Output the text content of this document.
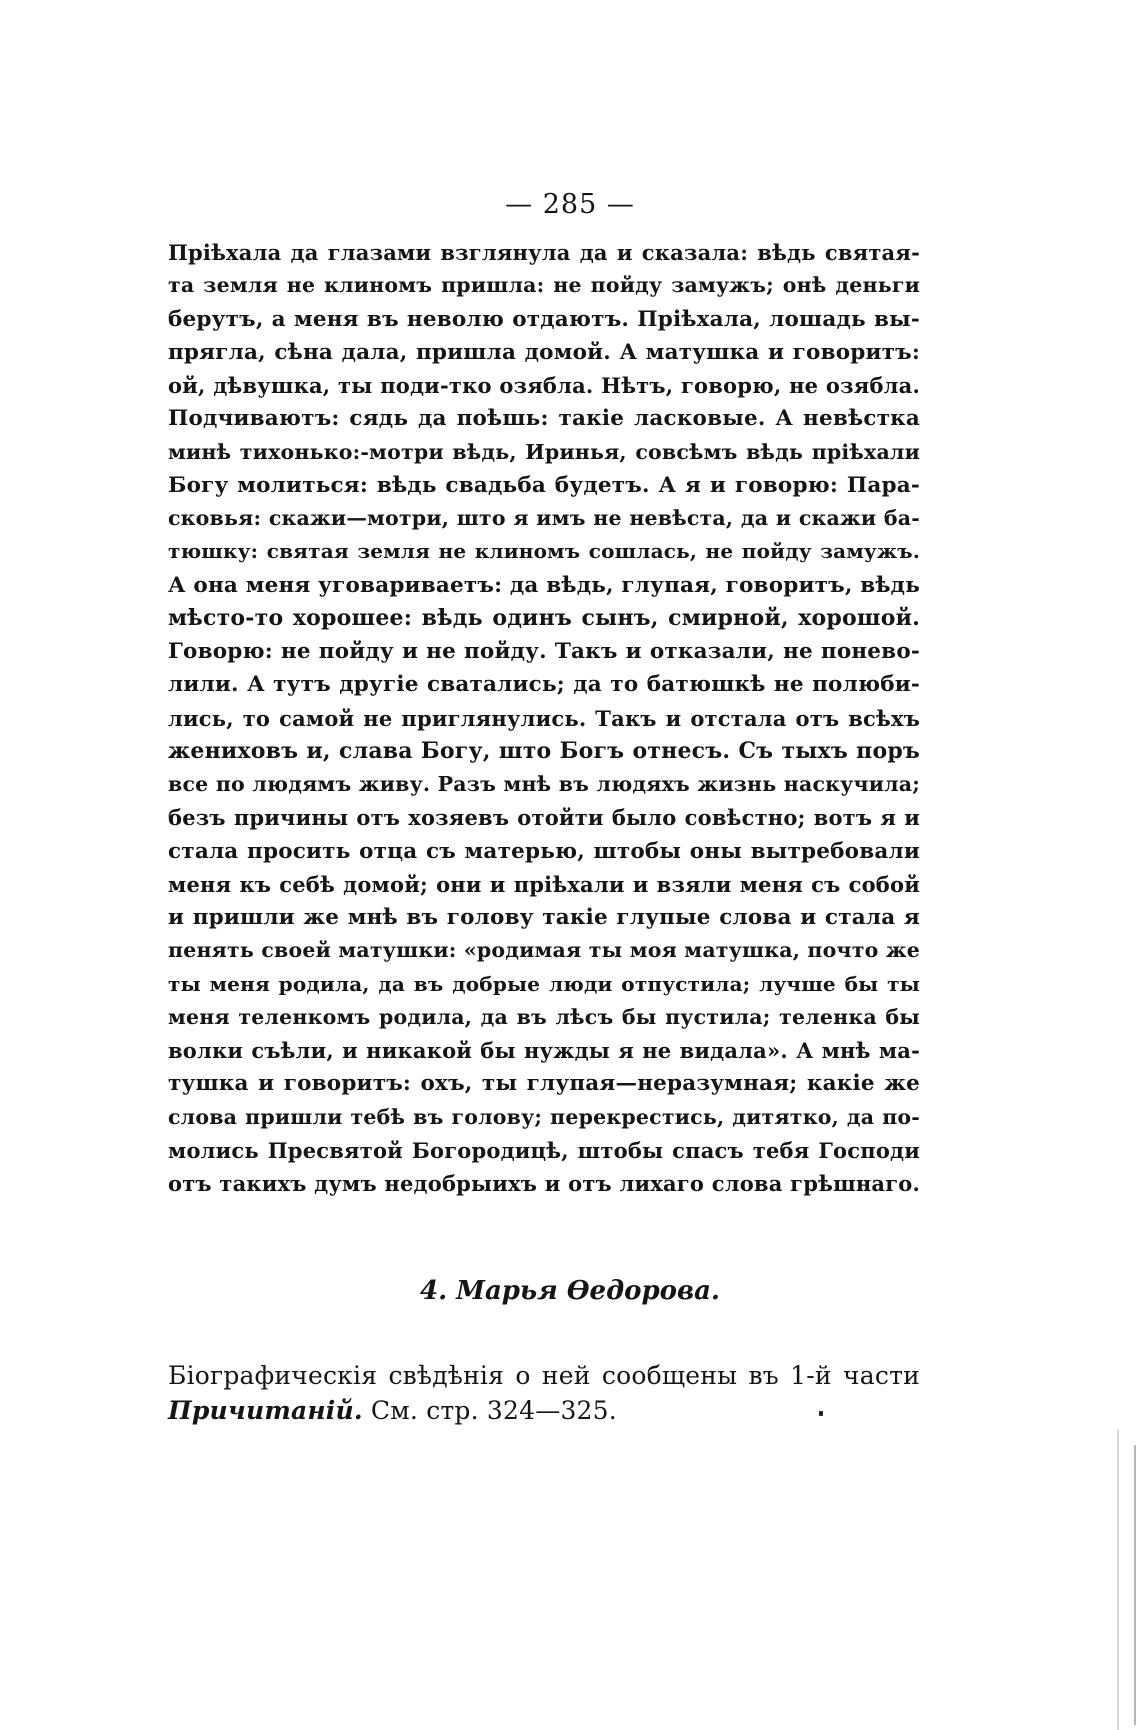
— 285 —
Пріѣхала да глазами взглянула да и сказала: вѣдь святая-
та земля не клиномъ пришла: не пойду замужъ; онѣ деньги
берутъ, а меня въ неволю отдаютъ. Пріѣхала, лошадь вы-
прягла, сѣна дала, пришла домой. А матушка и говоритъ:
ой, дѣвушка, ты поди-тко озябла. Нѣтъ, говорю, не озябла.
Подчиваютъ: сядь да поѣшь: такіе ласковые. А невѣстка
минѣ тихонько:-мотри вѣдь, Иринья, совсѣмъ вѣдь пріѣхали
Богу молиться: вѣдь свадьба будетъ. А я и говорю: Пара-
сковья: скажи—мотри, што я имъ не невѣста, да и скажи ба-
тюшку: святая земля не клиномъ сошлась, не пойду замужъ.
А она меня уговариваетъ: да вѣдь, глупая, говоритъ, вѣдь
мѣсто-то хорошее: вѣдь одинъ сынъ, смирной, хорошой.
Говорю: не пойду и не пойду. Такъ и отказали, не понево-
лили. А тутъ другіе сватались; да то батюшкѣ не полюби-
лись, то самой не приглянулись. Такъ и отстала отъ всѣхъ
жениховъ и, слава Богу, што Богъ отнесъ. Съ тыхъ поръ
все по людямъ живу. Разъ мнѣ въ людяхъ жизнь наскучила;
безъ причины отъ хозяевъ отойти было совѣстно; вотъ я и
стала просить отца съ матерью, штобы оны вытребовали
меня къ себѣ домой; они и пріѣхали и взяли меня съ собой
и пришли же мнѣ въ голову такіе глупые слова и стала я
пенять своей матушки: «родимая ты моя матушка, почто же
ты меня родила, да въ добрые люди отпустила; лучше бы ты
меня теленкомъ родила, да въ лѣсъ бы пустила; теленка бы
волки съѣли, и никакой бы нужды я не видала». А мнѣ ма-
тушка и говоритъ: охъ, ты глупая—неразумная; какіе же
слова пришли тебѣ въ голову; перекрестись, дитятко, да по-
молись Пресвятой Богородицѣ, штобы спасъ тебя Господи
отъ такихъ думъ недобрыихъ и отъ лихаго слова грѣшнаго.
4. Марья Ѳедорова.
Біографическія свѣдѣнія о ней сообщены въ 1-й части
Причитаній. См. стр. 324—325.
